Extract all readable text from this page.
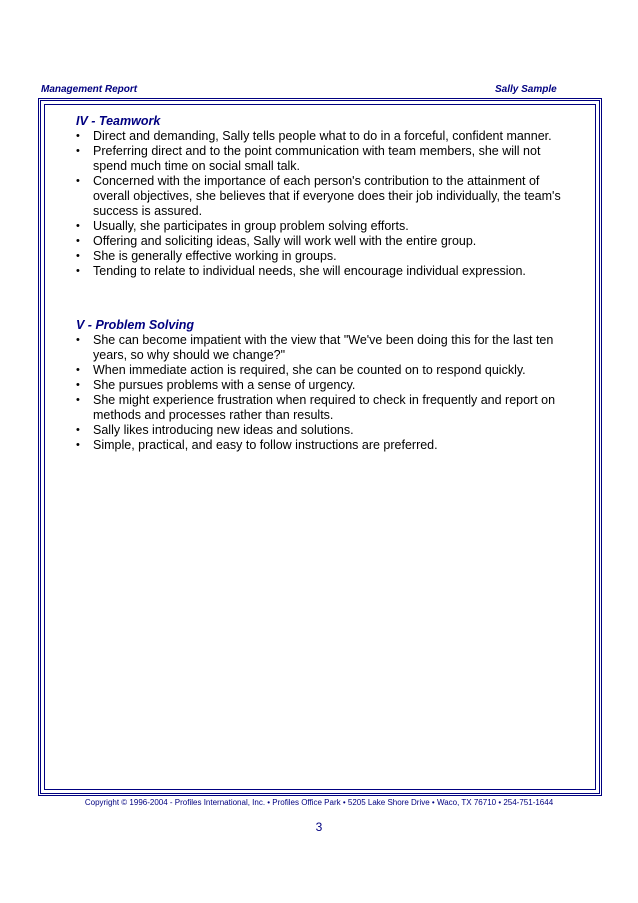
Management Report	Sally Sample
IV - Teamwork
•	Direct and demanding, Sally tells people what to do in a forceful, confident manner.
•	Preferring direct and to the point communication with team members, she will not spend much time on social small talk.
•	Concerned with the importance of each person's contribution to the attainment of overall objectives, she believes that if everyone does their job individually, the team's success is assured.
•	Usually, she participates in group problem solving efforts.
•	Offering and soliciting ideas, Sally will work well with the entire group.
•	She is generally effective working in groups.
•	Tending to relate to individual needs, she will encourage individual expression.
V - Problem Solving
•	She can become impatient with the view that "We've been doing this for the last ten years, so why should we change?"
•	When immediate action is required, she can be counted on to respond quickly.
•	She pursues problems with a sense of urgency.
•	She might experience frustration when required to check in frequently and report on methods and processes rather than results.
•	Sally likes introducing new ideas and solutions.
•	Simple, practical, and easy to follow instructions are preferred.
Copyright © 1996-2004 - Profiles International, Inc. • Profiles Office Park • 5205 Lake Shore Drive • Waco, TX 76710 • 254-751-1644
3
